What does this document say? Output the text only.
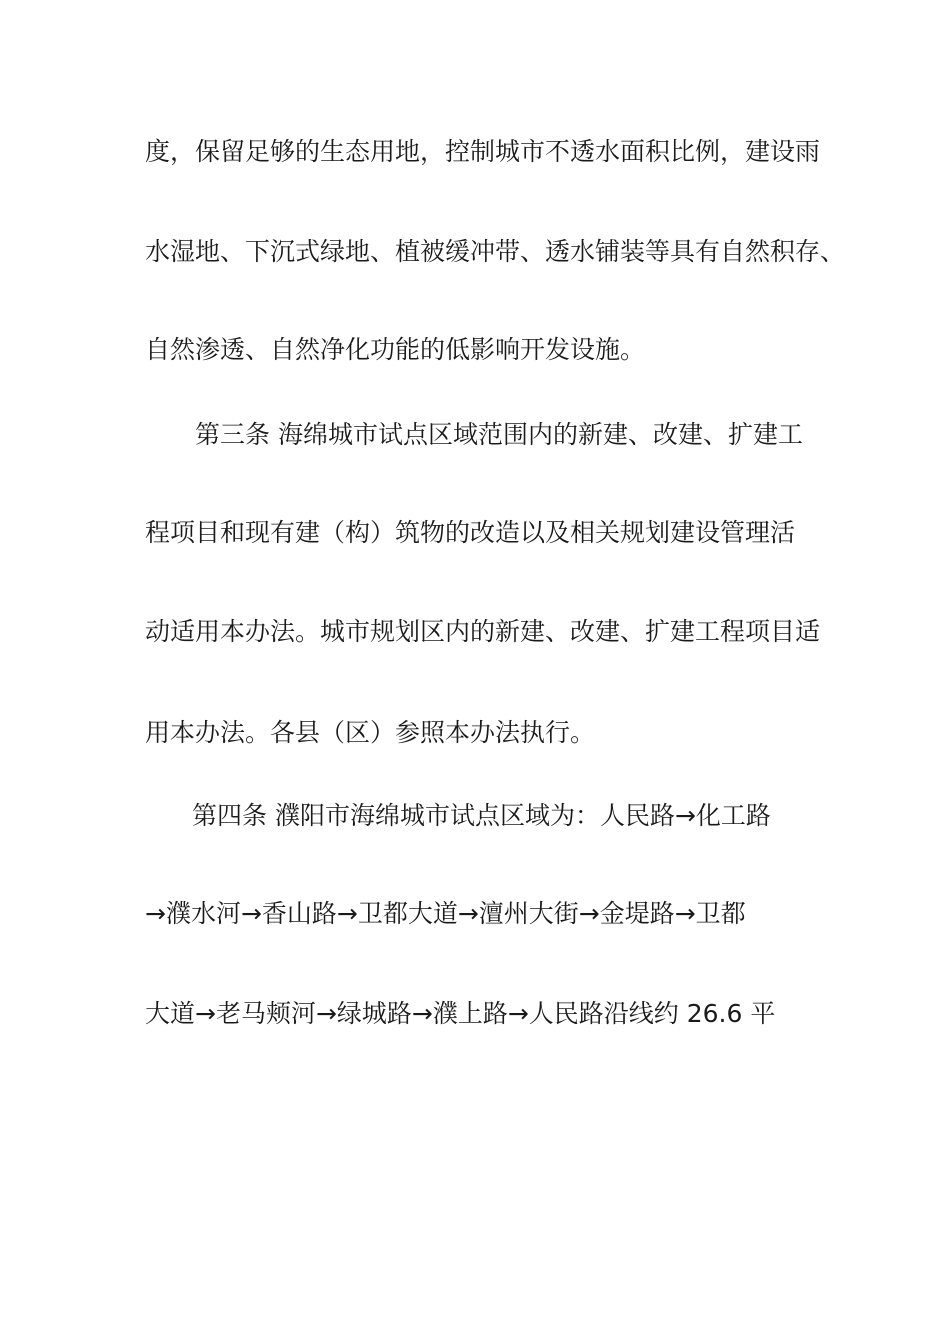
度，保留足够的生态用地，控制城市不透水面积比例，建设雨
水湿地、下沉式绿地、植被缓冲带、透水铺装等具有自然积存、
自然渗透、自然净化功能的低影响开发设施。
第三条 海绵城市试点区域范围内的新建、改建、扩建工
程项目和现有建（构）筑物的改造以及相关规划建设管理活
动适用本办法。城市规划区内的新建、改建、扩建工程项目适
用本办法。各县（区）参照本办法执行。
第四条 濮阳市海绵城市试点区域为：人民路→化工路
→濮水河→香山路→卫都大道→澶州大街→金堤路→卫都
大道→老马颊河→绿城路→濮上路→人民路沿线约 26.6 平
